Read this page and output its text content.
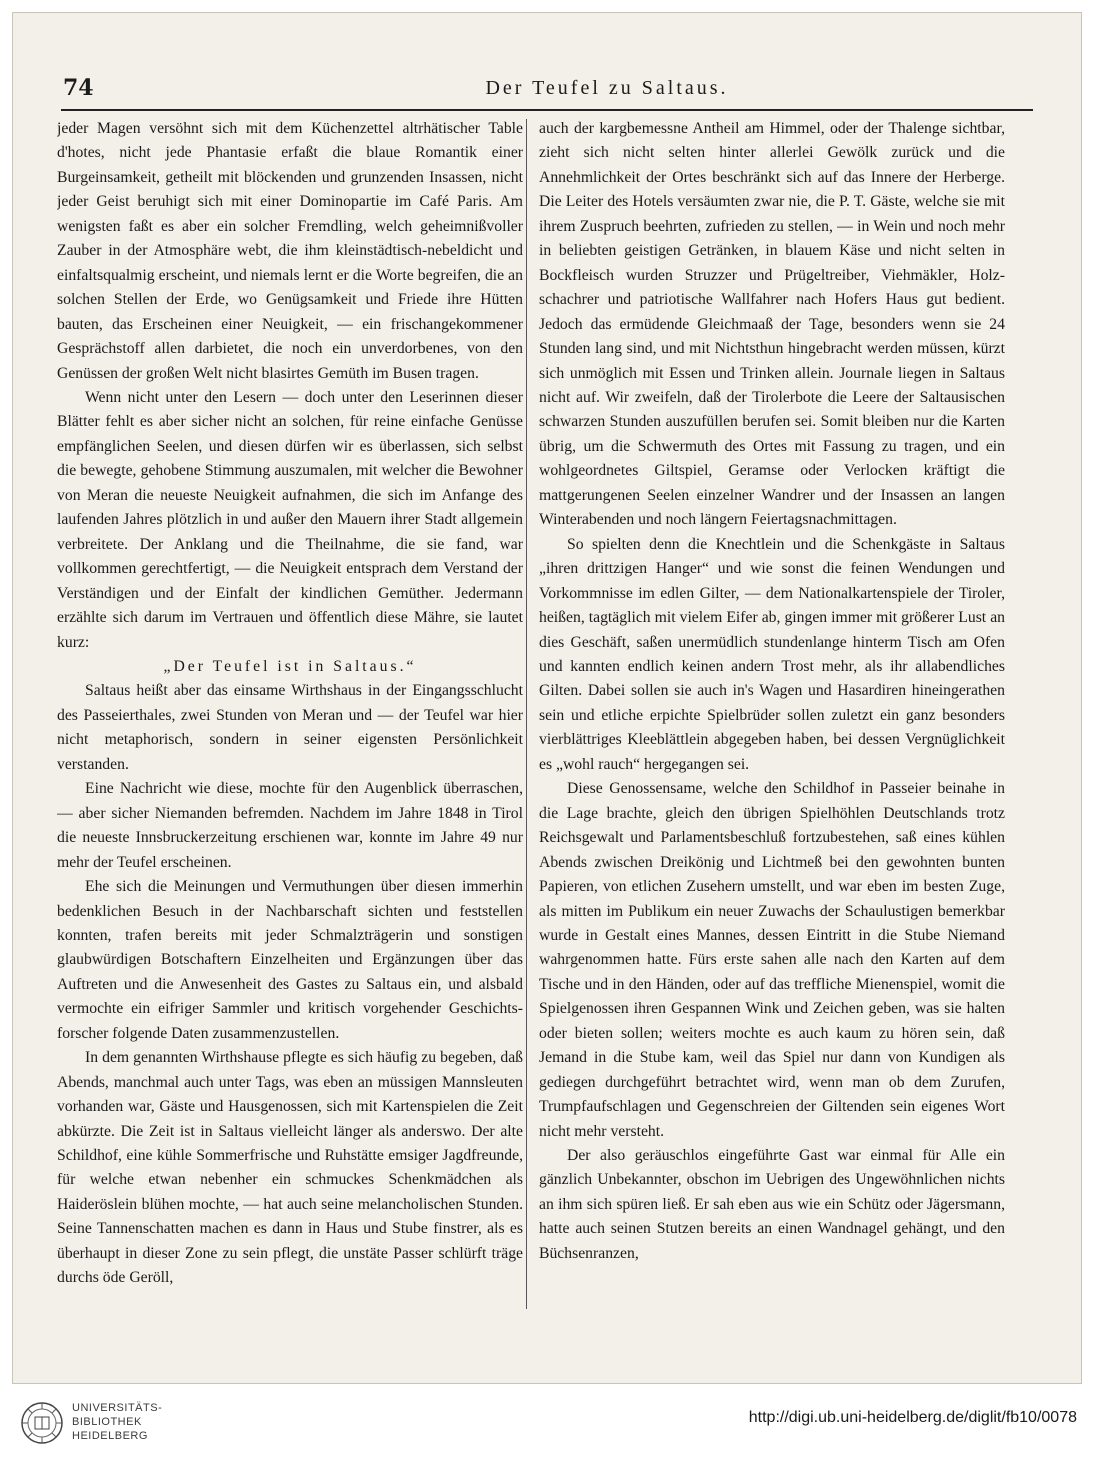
74	Der Teufel zu Saltaus.

jeder Magen versöhnt sich mit dem Küchenzettel altrhätischer Table d'hotes, nicht jede Phantasie erfaßt die blaue Romantik einer Burgeinsamkeit, getheilt mit blöckenden und grunzenden Insassen, nicht jeder Geist beruhigt sich mit einer Dominopartie im Café Paris. Am wenigsten faßt es aber ein solcher Fremdling, welch geheimnißvoller Zauber in der Atmosphäre webt, die ihm kleinstädtisch-nebeldicht und einfaltsqualmig erscheint, und niemals lernt er die Worte begreifen, die an solchen Stellen der Erde, wo Genügsamkeit und Friede ihre Hütten bauten, das Erscheinen einer Neuigkeit, — ein frischangekommener Gesprächstoff allen darbietet, die noch ein unverdorbenes, von den Genüssen der großen Welt nicht blasirtes Gemüth im Busen tragen.

Wenn nicht unter den Lesern — doch unter den Leserinnen dieser Blätter fehlt es aber sicher nicht an solchen, für reine einfache Genüsse empfänglichen Seelen, und diesen dürfen wir es überlassen, sich selbst die bewegte, gehobene Stimmung auszumalen, mit welcher die Bewohner von Meran die neueste Neuigkeit aufnahmen, die sich im Anfange des laufenden Jahres plötzlich in und außer den Mauern ihrer Stadt allgemein verbreitete. Der Anklang und die Theilnahme, die sie fand, war vollkommen gerechtfertigt, — die Neuigkeit entsprach dem Verstand der Verständigen und der Einfalt der kindlichen Gemüther. Jedermann erzählte sich darum im Vertrauen und öffentlich diese Mähre, sie lautet kurz:

„Der Teufel ist in Saltaus.“

Saltaus heißt aber das einsame Wirthshaus in der Eingangsschlucht des Passeierthales, zwei Stunden von Meran und — der Teufel war hier nicht metaphorisch, sondern in seiner eigensten Persönlichkeit verstanden.

Eine Nachricht wie diese, mochte für den Augenblick überraschen, — aber sicher Niemanden befremden. Nachdem im Jahre 1848 in Tirol die neueste Innsbruckerzeitung erschienen war, konnte im Jahre 49 nur mehr der Teufel erscheinen.

Ehe sich die Meinungen und Vermuthungen über diesen immerhin bedenklichen Besuch in der Nachbarschaft sichten und feststellen konnten, trafen bereits mit jeder Schmalzträgerin und sonstigen glaubwürdigen Botschaftern Einzelheiten und Ergänzungen über das Auftreten und die Anwesenheit des Gastes zu Saltaus ein, und alsbald vermochte ein eifriger Sammler und kritisch vorgehender Geschichtsforscher folgende Daten zusammenzustellen.

In dem genannten Wirthshause pflegte es sich häufig zu begeben, daß Abends, manchmal auch unter Tags, was eben an müssigen Mannsleuten vorhanden war, Gäste und Hausgenossen, sich mit Kartenspielen die Zeit abkürzte. Die Zeit ist in Saltaus vielleicht länger als anderswo. Der alte Schildhof, eine kühle Sommerfrische und Ruhstätte emsiger Jagdfreunde, für welche etwan nebenher ein schmuckes Schenkmädchen als Haideröslein blühen mochte, — hat auch seine melancholischen Stunden. Seine Tannenschatten machen es dann in Haus und Stube finstrer, als es überhaupt in dieser Zone zu sein pflegt, die unstäte Passer schlürft träge durchs öde Geröll,

auch der kargbemessne Antheil am Himmel, oder der Thalenge sichtbar, zieht sich nicht selten hinter allerlei Gewölk zurück und die Annehmlichkeit der Ortes beschränkt sich auf das Innere der Herberge. Die Leiter des Hotels versäumten zwar nie, die P. T. Gäste, welche sie mit ihrem Zuspruch beehrten, zufrieden zu stellen, — in Wein und noch mehr in beliebten geistigen Getränken, in blauem Käse und nicht selten in Bockfleisch wurden Struzzer und Prügeltreiber, Viehmäkler, Holzschachrer und patriotische Wallfahrer nach Hofers Haus gut bedient. Jedoch das ermüdende Gleichmaaß der Tage, besonders wenn sie 24 Stunden lang sind, und mit Nichtsthun hingebracht werden müssen, kürzt sich unmöglich mit Essen und Trinken allein. Journale liegen in Saltaus nicht auf. Wir zweifeln, daß der Tirolerbote die Leere der Saltausischen schwarzen Stunden auszufüllen berufen sei. Somit bleiben nur die Karten übrig, um die Schwermuth des Ortes mit Fassung zu tragen, und ein wohlgeordnetes Giltspiel, Geramse oder Verlocken kräftigt die mattgerungenen Seelen einzelner Wandrer und der Insassen an langen Winterabenden und noch längern Feiertagsnachmittagen.

So spielten denn die Knechtlein und die Schenkgäste in Saltaus „ihren drittzigen Hanger“ und wie sonst die feinen Wendungen und Vorkommnisse im edlen Gilter, — dem Nationalkartenspiele der Tiroler, heißen, tagtäglich mit vielem Eifer ab, gingen immer mit größerer Lust an dies Geschäft, saßen unermüdlich stundenlange hinterm Tisch am Ofen und kannten endlich keinen andern Trost mehr, als ihr allabendliches Gilten. Dabei sollen sie auch in's Wagen und Hasardiren hineingerathen sein und etliche erpichte Spielbrüder sollen zuletzt ein ganz besonders vierblättriges Kleeblättlein abgegeben haben, bei dessen Vergnüglichkeit es „wohl rauch“ hergegangen sei.

Diese Genossensame, welche den Schildhof in Passeier beinahe in die Lage brachte, gleich den übrigen Spielhöhlen Deutschlands trotz Reichsgewalt und Parlamentsbeschluß fortzubestehen, saß eines kühlen Abends zwischen Dreikönig und Lichtmeß bei den gewohnten bunten Papieren, von etlichen Zusehern umstellt, und war eben im besten Zuge, als mitten im Publikum ein neuer Zuwachs der Schaulustigen bemerkbar wurde in Gestalt eines Mannes, dessen Eintritt in die Stube Niemand wahrgenommen hatte. Fürs erste sahen alle nach den Karten auf dem Tische und in den Händen, oder auf das treffliche Mienenspiel, womit die Spielgenossen ihren Gespannen Wink und Zeichen geben, was sie halten oder bieten sollen; weiters mochte es auch kaum zu hören sein, daß Jemand in die Stube kam, weil das Spiel nur dann von Kundigen als gediegen durchgeführt betrachtet wird, wenn man ob dem Zurufen, Trumpfaufschlagen und Gegenschreien der Giltenden sein eigenes Wort nicht mehr versteht.

Der also geräuschlos eingeführte Gast war einmal für Alle ein gänzlich Unbekannter, obschon im Uebrigen des Ungewöhnlichen nichts an ihm sich spüren ließ. Er sah eben aus wie ein Schütz oder Jägersmann, hatte auch seinen Stutzen bereits an einen Wandnagel gehängt, und den Büchsenranzen,

UNIVERSITÄTS-
BIBLIOTHEK
HEIDELBERG
http://digi.ub.uni-heidelberg.de/diglit/fb10/0078
